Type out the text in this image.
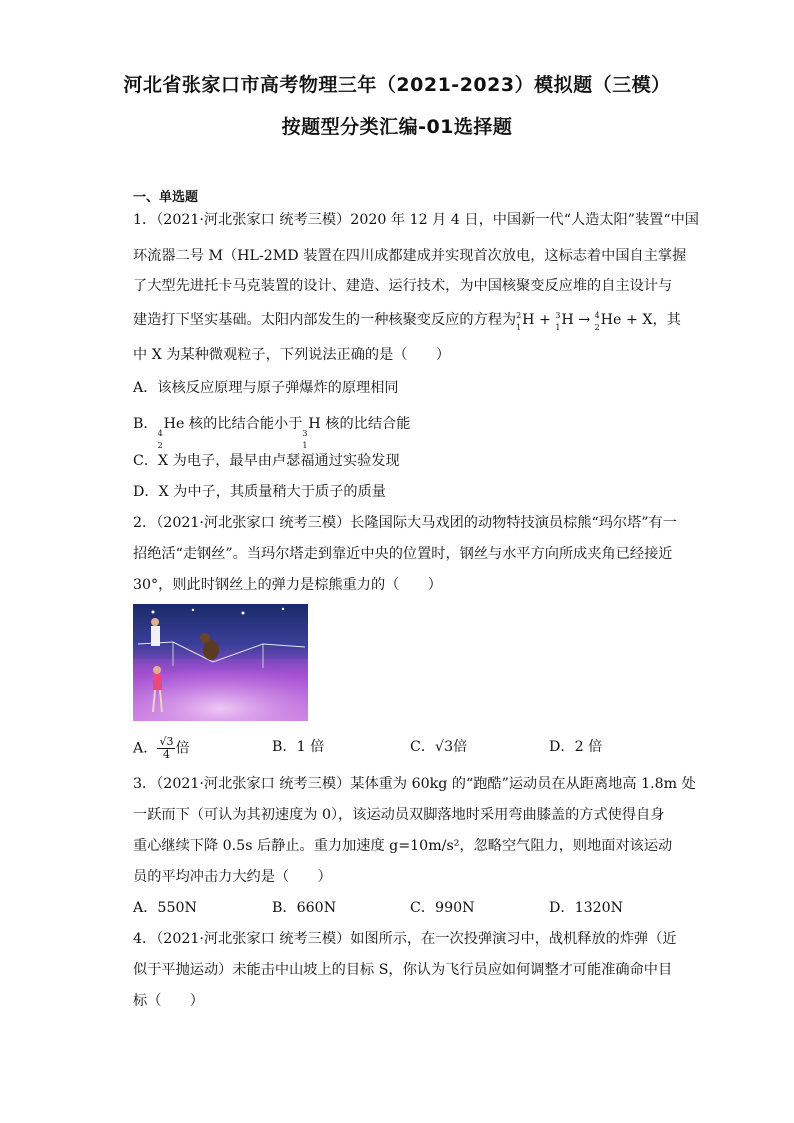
河北省张家口市高考物理三年（2021-2023）模拟题（三模）
按题型分类汇编-01选择题
一、单选题
1．（2021·河北张家口 统考三模）2020 年 12 月 4 日，中国新一代“人造太阳”装置“中国
环流器二号 M（HL-2MD 装置在四川成都建成并实现首次放电，这标志着中国自主掌握
了大型先进托卡马克装置的设计、建造、运行技术，为中国核聚变反应堆的自主设计与
建造打下坚实基础。太阳内部发生的一种核聚变反应的方程为 2
1 H + 3
1 H → 4
2 He + X，其
中 X 为某种微观粒子，下列说法正确的是（　　）
A．该核反应原理与原子弹爆炸的原理相同
B．
4
2
He 核的比结合能小于
3
1
H 核的比结合能
C．X 为电子，最早由卢瑟福通过实验发现
D．X 为中子，其质量稍大于质子的质量
2．（2021·河北张家口 统考三模）长隆国际大马戏团的动物特技演员棕熊“玛尔塔”有一
招绝活“走钢丝”。当玛尔塔走到靠近中央的位置时，钢丝与水平方向所成夹角已经接近
30°，则此时钢丝上的弹力是棕熊重力的（　　）
A． $\frac{√3}{4}$ 倍	B．1 倍	C．√3倍	D．2 倍
3．（2021·河北张家口 统考三模）某体重为 60kg 的“跑酷”运动员在从距离地高 1.8m 处
一跃而下（可认为其初速度为 0），该运动员双脚落地时采用弯曲膝盖的方式使得自身
重心继续下降 0.5s 后静止。重力加速度 g=10m/s²，忽略空气阻力，则地面对该运动
员的平均冲击力大约是（　　）
A．550N	B．660N	C．990N	D．1320N
4．（2021·河北张家口 统考三模）如图所示，在一次投弹演习中，战机释放的炸弹（近
似于平抛运动）未能击中山坡上的目标 S，你认为飞行员应如何调整才可能准确命中目
标（　　）
